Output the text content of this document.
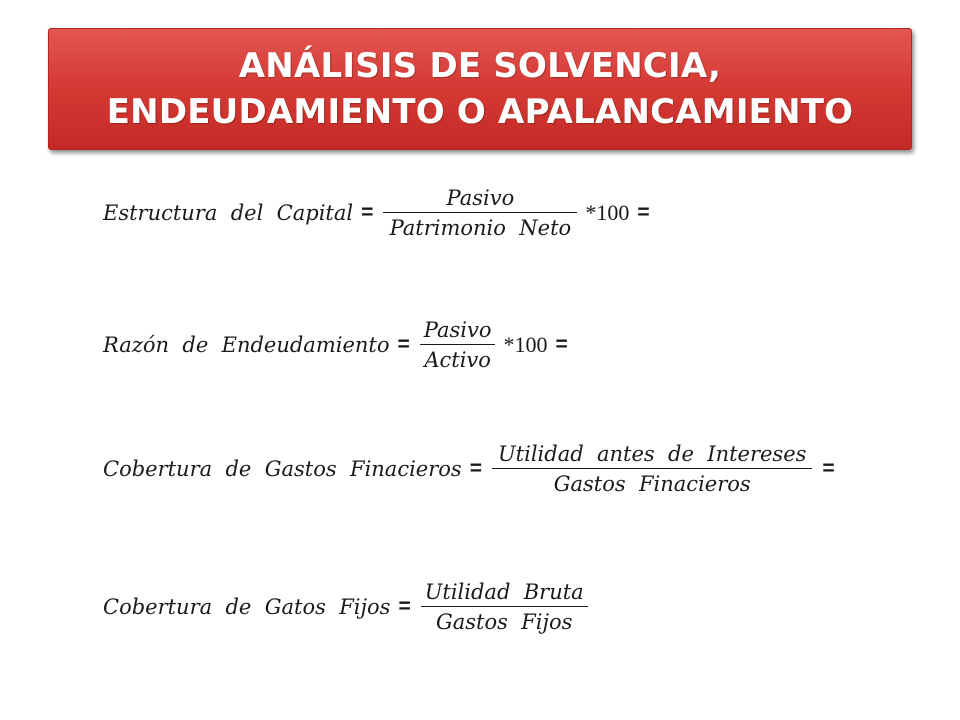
ANÁLISIS DE SOLVENCIA,
ENDEUDAMIENTO O APALANCAMIENTO
Estructura  del  Capital = $\frac{\text{Pasivo}}{\text{Patrimonio  Neto}} *100$ =
Razón  de  Endeudamiento = $\frac{\text{Pasivo}}{\text{Activo}} *100$ =
Cobertura  de  Gastos  Finacieros = $\frac{\text{Utilidad  antes  de  Intereses}}{\text{Gastos  Finacieros}}$ =
Cobertura  de  Gatos  Fijos = $\frac{\text{Utilidad  Bruta}}{\text{Gastos  Fijos}}$
